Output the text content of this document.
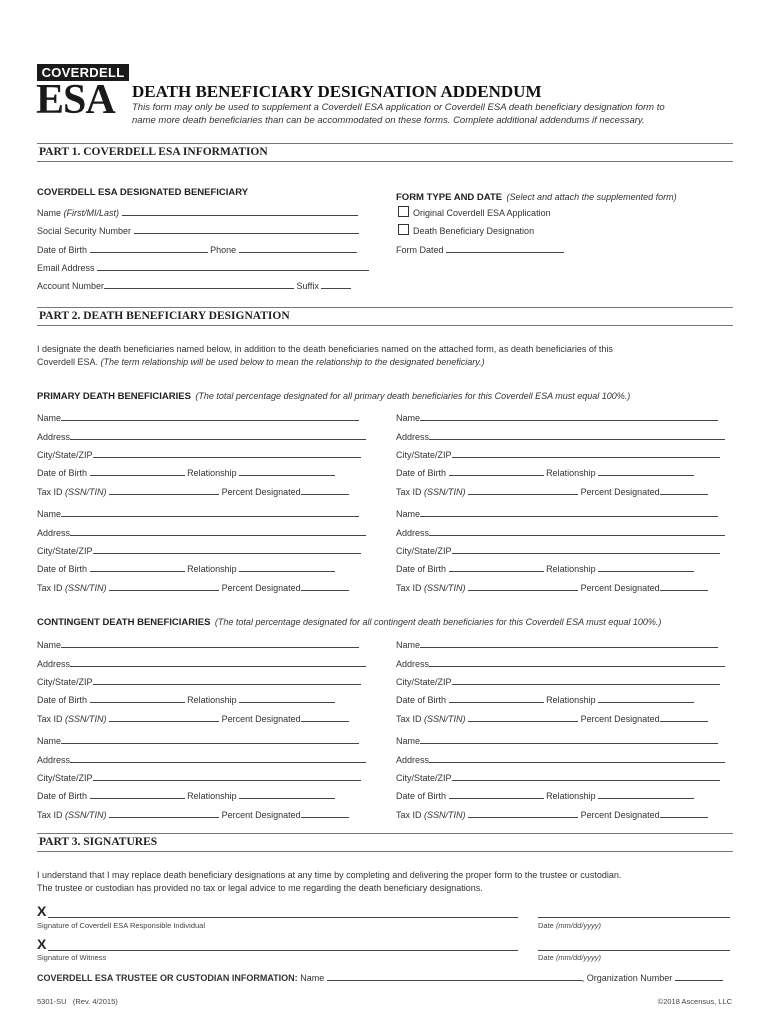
COVERDELL
ESA DEATH BENEFICIARY DESIGNATION ADDENDUM
This form may only be used to supplement a Coverdell ESA application or Coverdell ESA death beneficiary designation form to
name more death beneficiaries than can be accommodated on these forms. Complete additional addendums if necessary.
PART 1. COVERDELL ESA INFORMATION
COVERDELL ESA DESIGNATED BENEFICIARY
Name (First/MI/Last)
Social Security Number
Date of Birth	Phone
Email Address
Account Number	Suffix
FORM TYPE AND DATE (Select and attach the supplemented form)
Original Coverdell ESA Application
Death Beneficiary Designation
Form Dated
PART 2. DEATH BENEFICIARY DESIGNATION
I designate the death beneficiaries named below, in addition to the death beneficiaries named on the attached form, as death beneficiaries of this
Coverdell ESA. (The term relationship will be used below to mean the relationship to the designated beneficiary.)
PRIMARY DEATH BENEFICIARIES (The total percentage designated for all primary death beneficiaries for this Coverdell ESA must equal 100%.)
CONTINGENT DEATH BENEFICIARIES (The total percentage designated for all contingent death beneficiaries for this Coverdell ESA must equal 100%.)
Name
Address
City/State/ZIP
Date of Birth	Relationship
Tax ID (SSN/TIN)	Percent Designated
Name
Address
City/State/ZIP
Date of Birth	Relationship
Tax ID (SSN/TIN)	Percent Designated
Name
Address
City/State/ZIP
Date of Birth	Relationship
Tax ID (SSN/TIN)	Percent Designated
Name
Address
City/State/ZIP
Date of Birth	Relationship
Tax ID (SSN/TIN)	Percent Designated
Name
Address
City/State/ZIP
Date of Birth	Relationship
Tax ID (SSN/TIN)	Percent Designated
Name
Address
City/State/ZIP
Date of Birth	Relationship
Tax ID (SSN/TIN)	Percent Designated
Name
Address
City/State/ZIP
Date of Birth	Relationship
Tax ID (SSN/TIN)	Percent Designated
Name
Address
City/State/ZIP
Date of Birth	Relationship
Tax ID (SSN/TIN)	Percent Designated
PART 3. SIGNATURES
I understand that I may replace death beneficiary designations at any time by completing and delivering the proper form to the trustee or custodian.
The trustee or custodian has provided no tax or legal advice to me regarding the death beneficiary designations.
X
Signature of Coverdell ESA Responsible Individual	Date (mm/dd/yyyy)
X
Signature of Witness	Date (mm/dd/yyyy)
COVERDELL ESA TRUSTEE OR CUSTODIAN INFORMATION: Name	, Organization Number
5301-SU (Rev. 4/2015)	©2018 Ascensus, LLC
